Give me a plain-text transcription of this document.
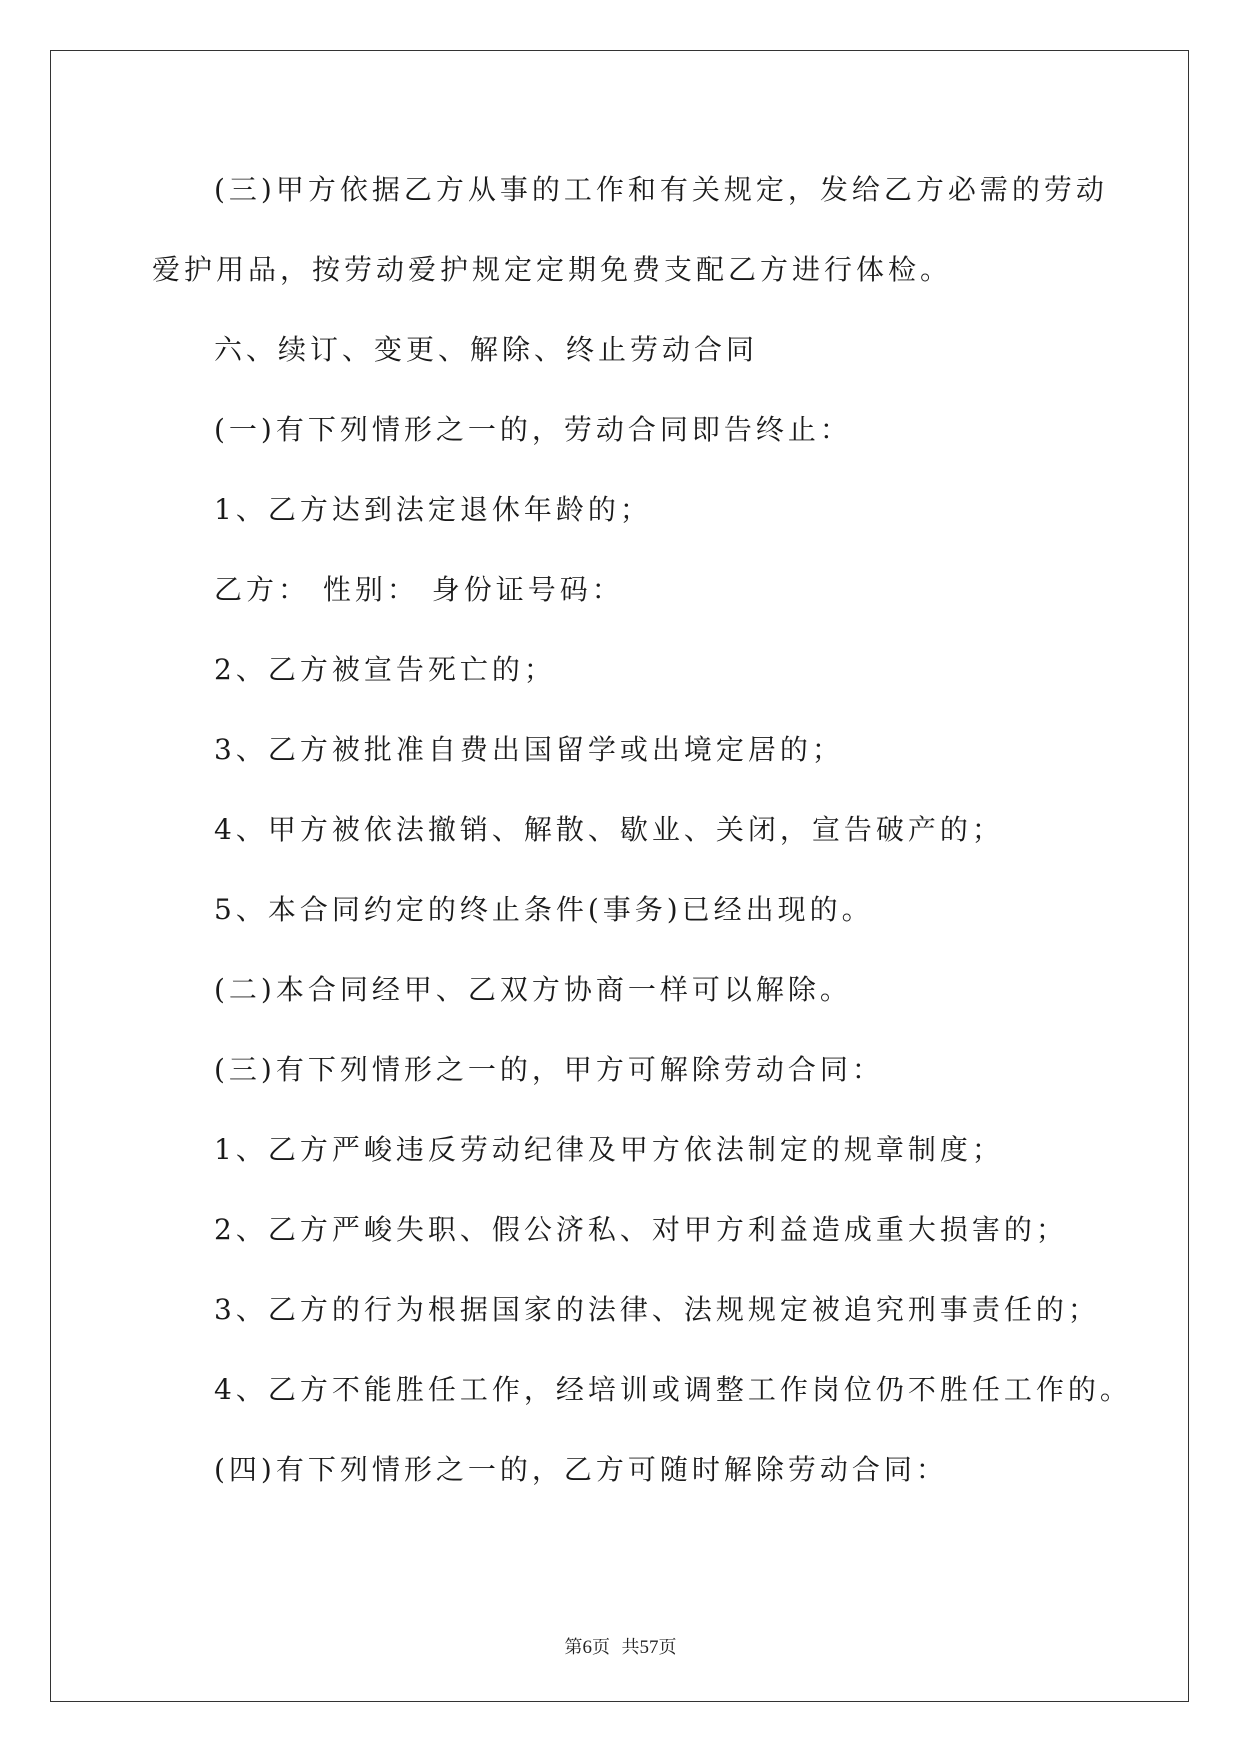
(三)甲方依据乙方从事的工作和有关规定，发给乙方必需的劳动

爱护用品，按劳动爱护规定定期免费支配乙方进行体检。

六、续订、变更、解除、终止劳动合同

(一)有下列情形之一的，劳动合同即告终止：

1、乙方达到法定退休年龄的；

乙方： 性别： 身份证号码：

2、乙方被宣告死亡的；

3、乙方被批准自费出国留学或出境定居的；

4、甲方被依法撤销、解散、歇业、关闭，宣告破产的；

5、本合同约定的终止条件(事务)已经出现的。

(二)本合同经甲、乙双方协商一样可以解除。

(三)有下列情形之一的，甲方可解除劳动合同：

1、乙方严峻违反劳动纪律及甲方依法制定的规章制度；

2、乙方严峻失职、假公济私、对甲方利益造成重大损害的；

3、乙方的行为根据国家的法律、法规规定被追究刑事责任的；

4、乙方不能胜任工作，经培训或调整工作岗位仍不胜任工作的。

(四)有下列情形之一的，乙方可随时解除劳动合同：

第6页  共57页
